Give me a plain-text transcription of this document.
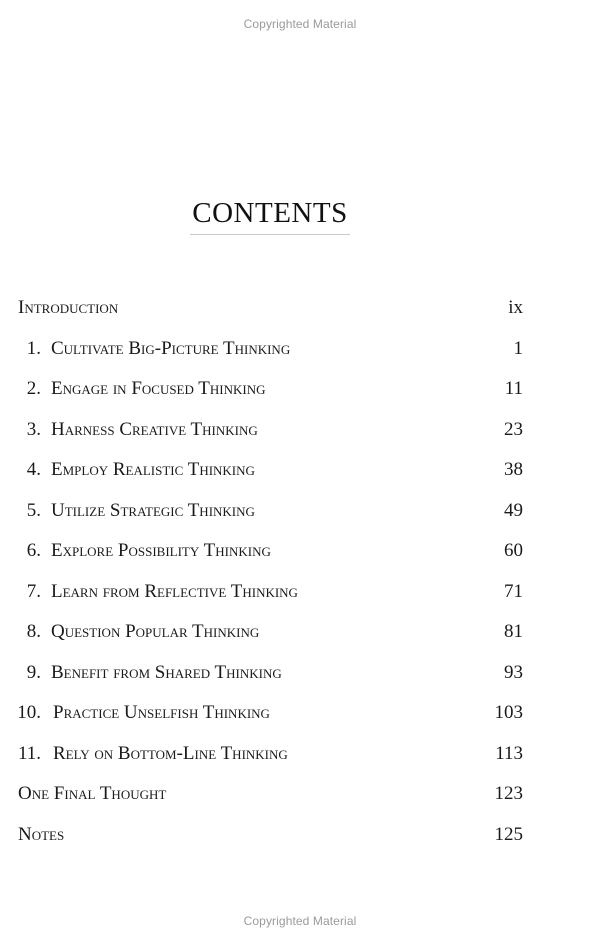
Copyrighted Material
CONTENTS
Introduction	ix
1. Cultivate Big-Picture Thinking	1
2. Engage in Focused Thinking	11
3. Harness Creative Thinking	23
4. Employ Realistic Thinking	38
5. Utilize Strategic Thinking	49
6. Explore Possibility Thinking	60
7. Learn from Reflective Thinking	71
8. Question Popular Thinking	81
9. Benefit from Shared Thinking	93
10. Practice Unselfish Thinking	103
11. Rely on Bottom-Line Thinking	113
One Final Thought	123
Notes	125
Copyrighted Material
